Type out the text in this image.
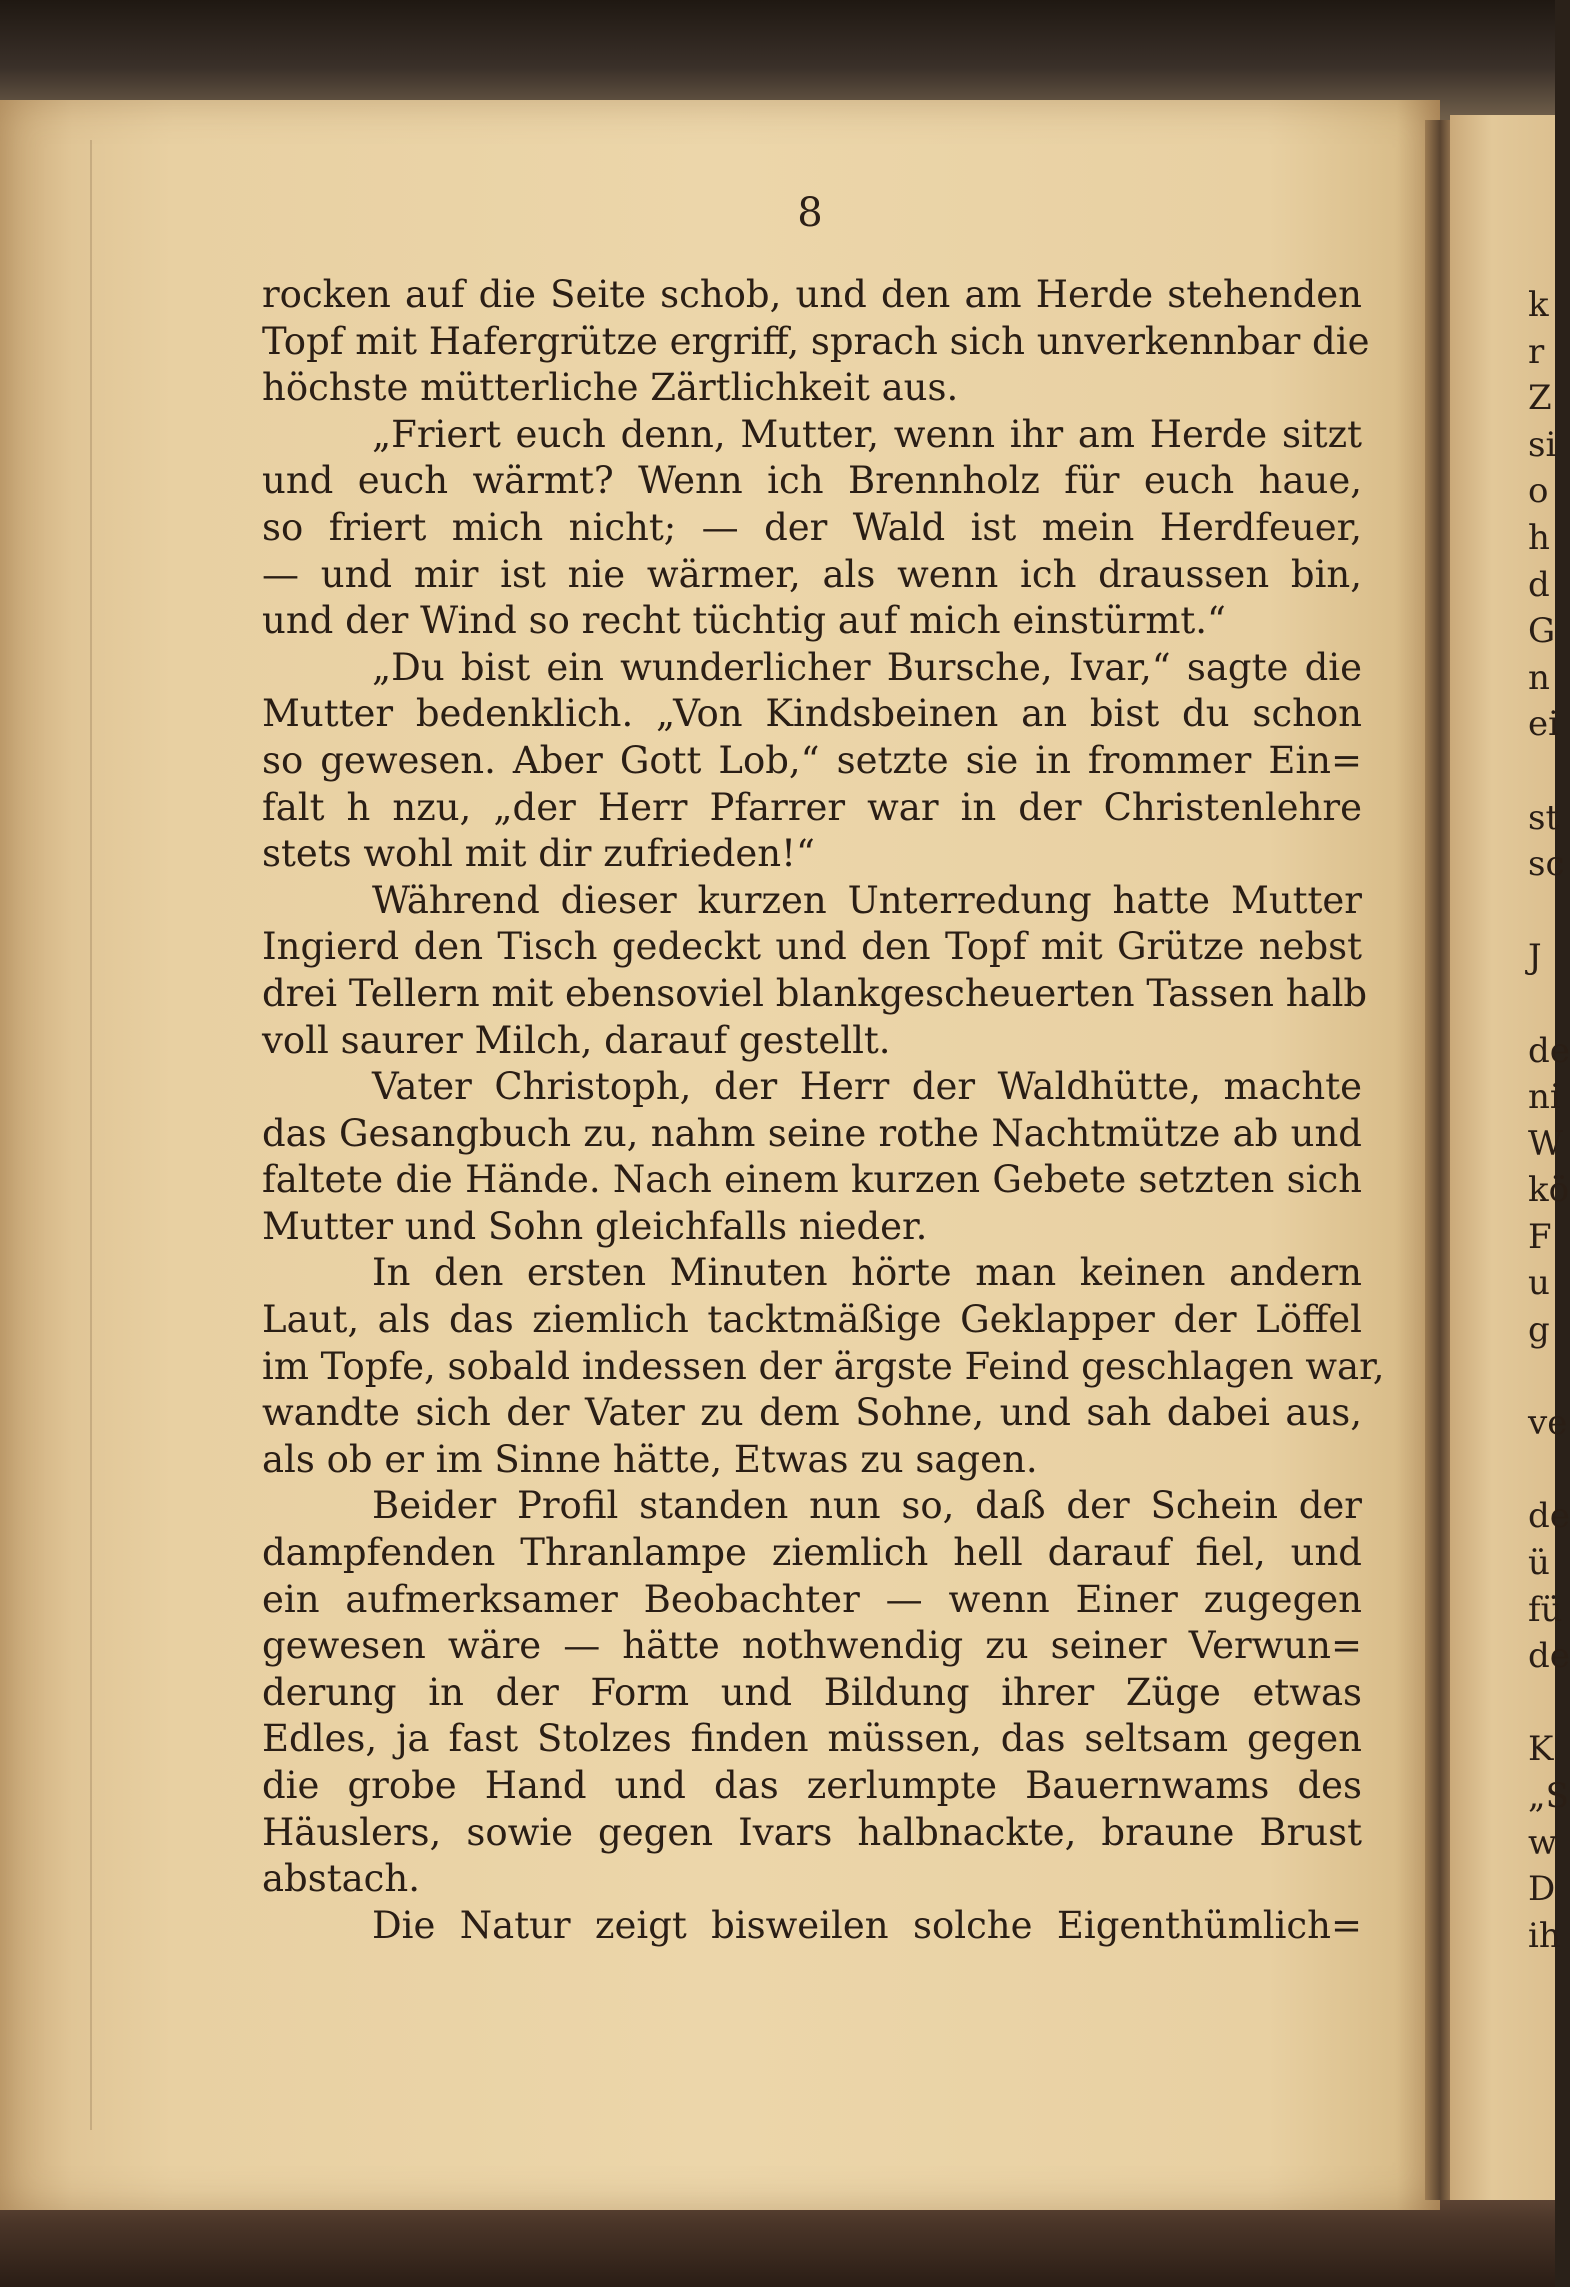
8
rocken auf die Seite schob, und den am Herde stehenden
Topf mit Hafergrütze ergriff, sprach sich unverkennbar die
höchste mütterliche Zärtlichkeit aus.
„Friert euch denn, Mutter, wenn ihr am Herde sitzt
und euch wärmt? Wenn ich Brennholz für euch haue,
so friert mich nicht; — der Wald ist mein Herdfeuer,
— und mir ist nie wärmer, als wenn ich draussen bin,
und der Wind so recht tüchtig auf mich einstürmt.“
„Du bist ein wunderlicher Bursche, Ivar,“ sagte die
Mutter bedenklich. „Von Kindsbeinen an bist du schon
so gewesen. Aber Gott Lob,“ setzte sie in frommer Ein=
falt h nzu, „der Herr Pfarrer war in der Christenlehre
stets wohl mit dir zufrieden!“
Während dieser kurzen Unterredung hatte Mutter
Ingierd den Tisch gedeckt und den Topf mit Grütze nebst
drei Tellern mit ebensoviel blankgescheuerten Tassen halb
voll saurer Milch, darauf gestellt.
Vater Christoph, der Herr der Waldhütte, machte
das Gesangbuch zu, nahm seine rothe Nachtmütze ab und
faltete die Hände. Nach einem kurzen Gebete setzten sich
Mutter und Sohn gleichfalls nieder.
In den ersten Minuten hörte man keinen andern
Laut, als das ziemlich tacktmäßige Geklapper der Löffel
im Topfe, sobald indessen der ärgste Feind geschlagen war,
wandte sich der Vater zu dem Sohne, und sah dabei aus,
als ob er im Sinne hätte, Etwas zu sagen.
Beider Profil standen nun so, daß der Schein der
dampfenden Thranlampe ziemlich hell darauf fiel, und
ein aufmerksamer Beobachter — wenn Einer zugegen
gewesen wäre — hätte nothwendig zu seiner Verwun=
derung in der Form und Bildung ihrer Züge etwas
Edles, ja fast Stolzes finden müssen, das seltsam gegen
die grobe Hand und das zerlumpte Bauernwams des
Häuslers, sowie gegen Ivars halbnackte, braune Brust
abstach.
Die Natur zeigt bisweilen solche Eigenthümlich=
k
r
Z
si
o
h
d
G
n
ei
st
sc
J
de
ni
W
kö
F
u
g
ve
de
ü
fü
de
K
„S
w
D
ih
